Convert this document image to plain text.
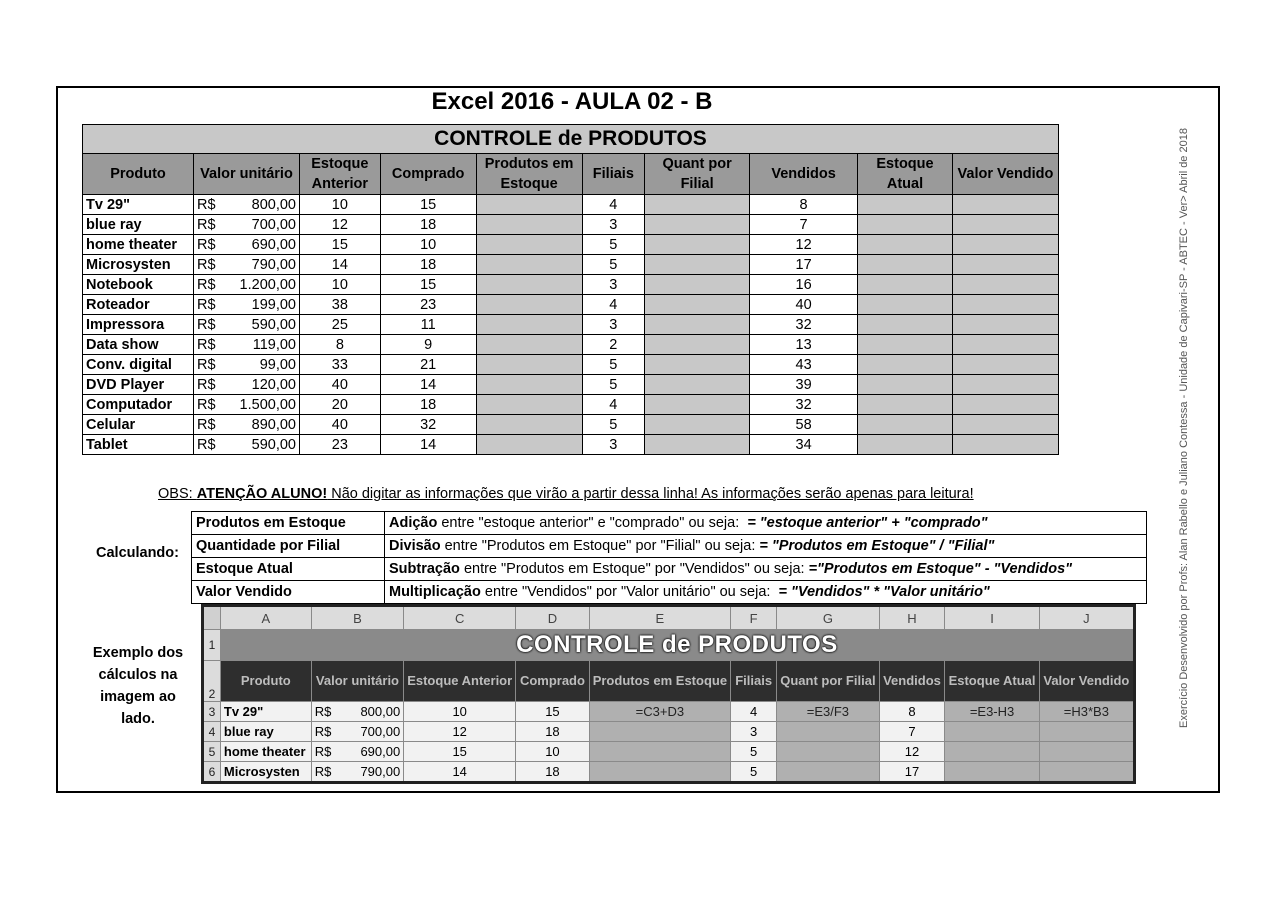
Excel 2016 - AULA 02 - B
Exercício Desenvolvido por Profs: Alan Rabello e Juliano Contessa - Unidade de Capivari-SP - ABTEC - Ver> Abril de 2018
CONTROLE de PRODUTOS									
Produto	Valor unitário	Estoque Anterior	Comprado	Produtos em Estoque	Filiais	Quant por Filial	Vendidos	Estoque Atual	Valor Vendido
Tv 29"	R$ 800,00	10	15		4		8		
blue ray	R$ 700,00	12	18		3		7		
home theater	R$ 690,00	15	10		5		12		
Microsysten	R$ 790,00	14	18		5		17		
Notebook	R$ 1.200,00	10	15		3		16		
Roteador	R$ 199,00	38	23		4		40		
Impressora	R$ 590,00	25	11		3		32		
Data show	R$ 119,00	8	9		2		13		
Conv. digital	R$ 99,00	33	21		5		43		
DVD Player	R$ 120,00	40	14		5		39		
Computador	R$ 1.500,00	20	18		4		32		
Celular	R$ 890,00	40	32		5		58		
Tablet	R$ 590,00	23	14		3		34		
OBS: ATENÇÃO ALUNO! Não digitar as informações que virão a partir dessa linha! As informações serão apenas para leitura!
Calculando:
Produtos em Estoque	Adição entre "estoque anterior" e "comprado" ou seja:  = "estoque anterior" + "comprado"
Quantidade por Filial	Divisão entre "Produtos em Estoque" por "Filial" ou seja: = "Produtos em Estoque" / "Filial"
Estoque Atual	Subtração entre "Produtos em Estoque" por "Vendidos" ou seja: ="Produtos em Estoque" - "Vendidos"
Valor Vendido	Multiplicação entre "Vendidos" por "Valor unitário" ou seja:  = "Vendidos" * "Valor unitário"
Exemplo dos
cálculos na
imagem ao
lado.
	A	B	C	D	E	F	G	H	I	J
1	CONTROLE de PRODUTOS									
2	Produto	Valor unitário	Estoque Anterior	Comprado	Produtos em Estoque	Filiais	Quant por Filial	Vendidos	Estoque Atual	Valor Vendido
3	Tv 29"	R$ 800,00	10	15	=C3+D3	4	=E3/F3	8	=E3-H3	=H3*B3
4	blue ray	R$ 700,00	12	18		3		7		
5	home theater	R$ 690,00	15	10		5		12		
6	Microsysten	R$ 790,00	14	18		5		17		
